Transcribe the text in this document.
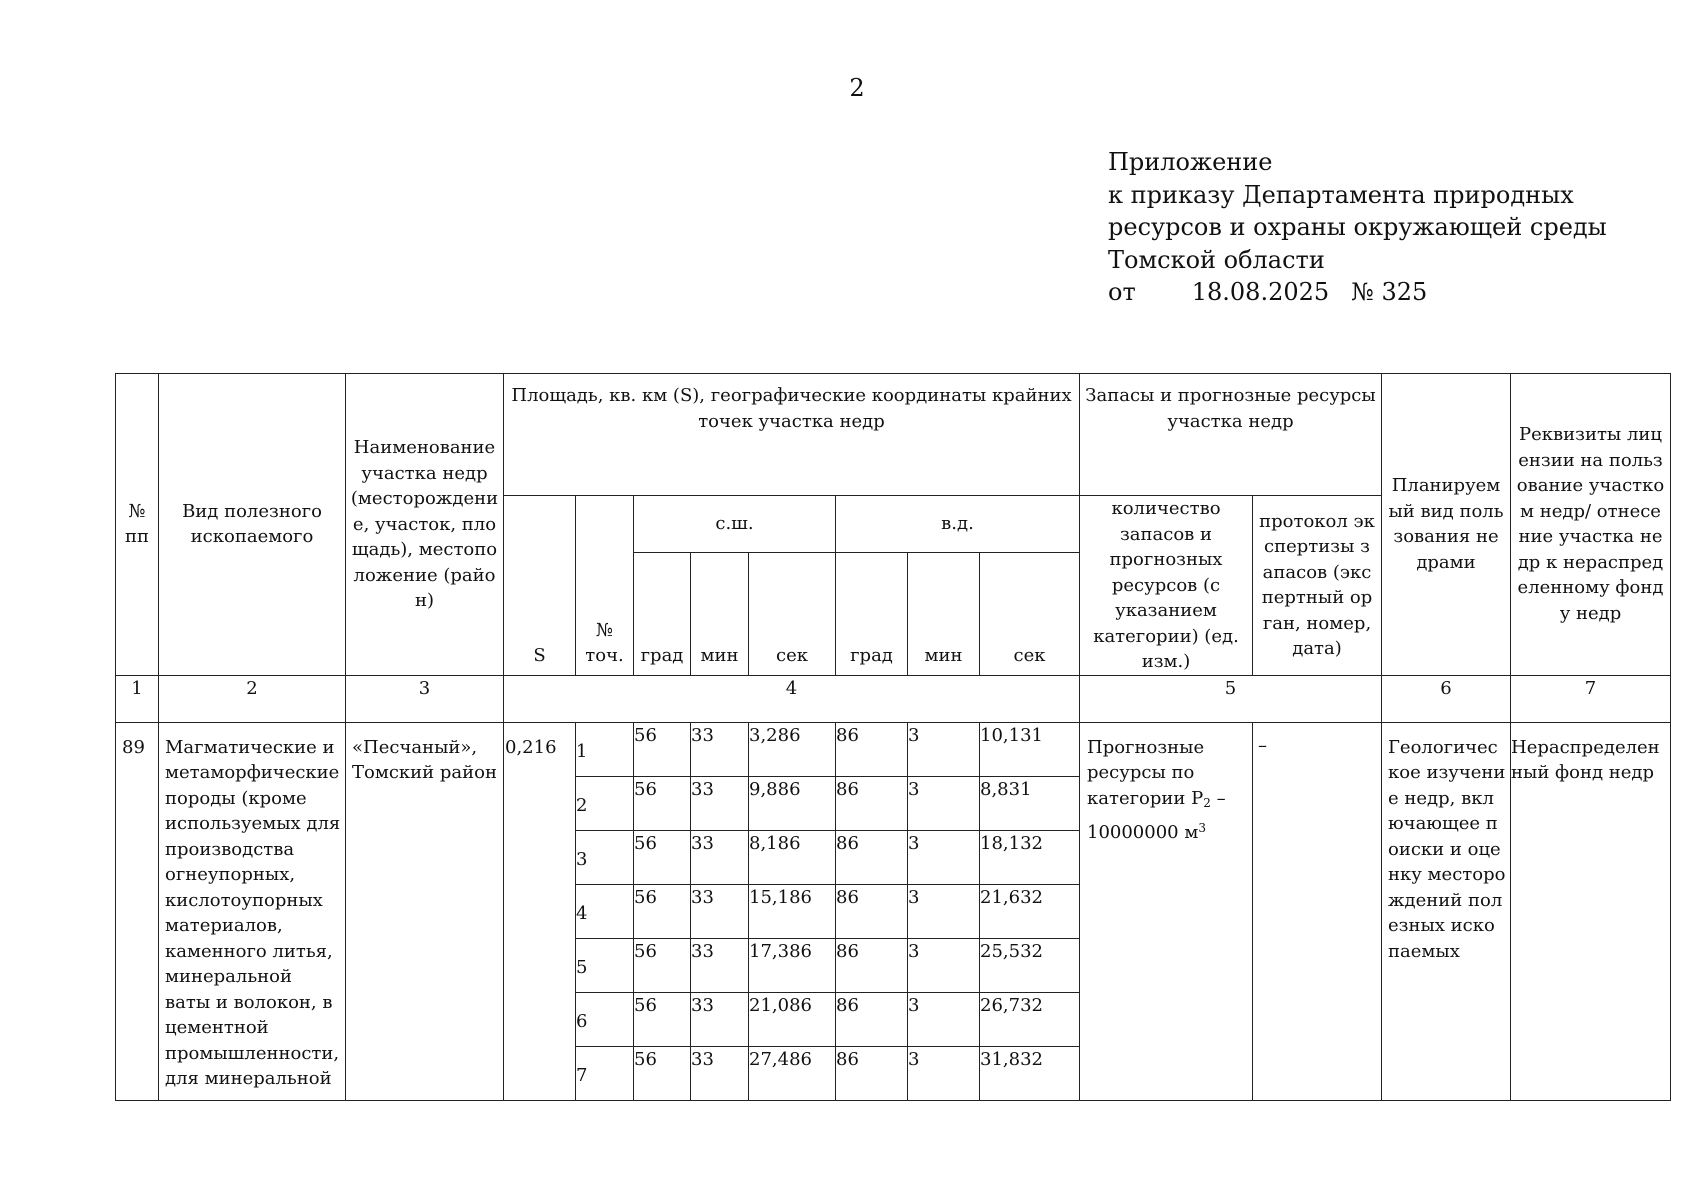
2
Приложение
к приказу Департамента природных
ресурсов и охраны окружающей среды
Томской области
от 18.08.2025 № 325
№ пп	Вид полезного ископаемого	Наименование участка недр (месторождение, участок, площадь), местоположение (район)	Площадь, кв. км (S), географические координаты крайних точек участка недр								Запасы и прогнозные ресурсы участка недр		Планируемый вид пользования недрами	Реквизиты лицензии на пользование участком недр/ отнесение участка недр к нераспределенному фонду недр
			S	№ точ.	с.ш.			в.д.			количество запасов и прогнозных ресурсов (с указанием категории) (ед. изм.)	протокол экспертизы запасов (экспертный орган, номер, дата)		
					град	мин	сек	град	мин	сек				
1	2	3	4								5		6	7
89	Магматические и метаморфические породы (кроме используемых для производства огнеупорных, кислотоупорных материалов, каменного литья, минеральной ваты и волокон, в цементной промышленности, для минеральной	«Песчаный», Томский район	0,216	1	56	33	3,286	86	3	10,131	Прогнозные ресурсы по категории $Р_2 - 10000000$ $м^3$	–	Геологическое изучение недр, включающее поиски и оценку месторождений полезных ископаемых	Нераспределенный фонд недр
				2	56	33	9,886	86	3	8,831				
				3	56	33	8,186	86	3	18,132				
				4	56	33	15,186	86	3	21,632				
				5	56	33	17,386	86	3	25,532				
				6	56	33	21,086	86	3	26,732				
				7	56	33	27,486	86	3	31,832				
